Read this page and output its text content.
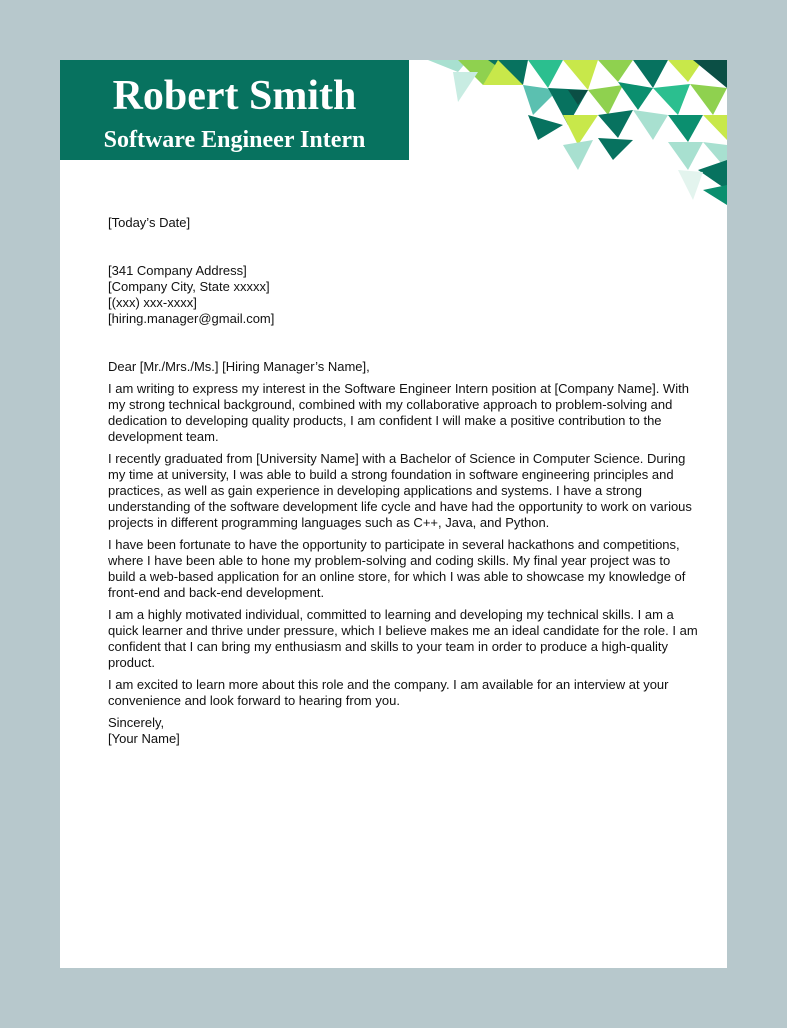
Robert Smith
Software Engineer Intern

[Today’s Date]

[341 Company Address]
[Company City, State xxxxx]
[(xxx) xxx-xxxx]
[hiring.manager@gmail.com]

Dear [Mr./Mrs./Ms.] [Hiring Manager’s Name],

I am writing to express my interest in the Software Engineer Intern position at [Company Name]. With my strong technical background, combined with my collaborative approach to problem-solving and dedication to developing quality products, I am confident I will make a positive contribution to the development team.

I recently graduated from [University Name] with a Bachelor of Science in Computer Science. During my time at university, I was able to build a strong foundation in software engineering principles and practices, as well as gain experience in developing applications and systems. I have a strong understanding of the software development life cycle and have had the opportunity to work on various projects in different programming languages such as C++, Java, and Python.

I have been fortunate to have the opportunity to participate in several hackathons and competitions, where I have been able to hone my problem-solving and coding skills. My final year project was to build a web-based application for an online store, for which I was able to showcase my knowledge of front-end and back-end development.

I am a highly motivated individual, committed to learning and developing my technical skills. I am a quick learner and thrive under pressure, which I believe makes me an ideal candidate for the role. I am confident that I can bring my enthusiasm and skills to your team in order to produce a high-quality product.

I am excited to learn more about this role and the company. I am available for an interview at your convenience and look forward to hearing from you.

Sincerely,
[Your Name]
